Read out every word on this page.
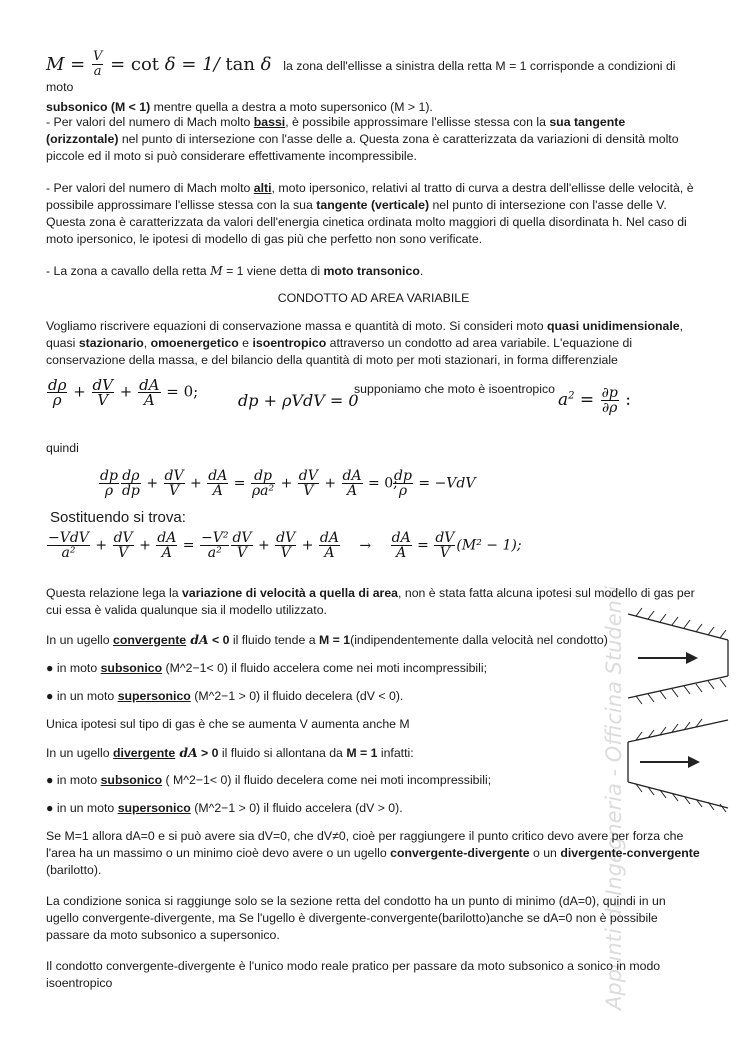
Appunti di Ingegneria - Officina Studenti
$M = \frac{V}{a} = \cot \delta = 1/$ tan δ la zona dell'ellisse a sinistra della retta M = 1 corrisponde a condizioni di moto
subsonico (M < 1) mentre quella a destra a moto supersonico (M > 1).

- Per valori del numero di Mach molto bassi, è possibile approssimare l'ellisse stessa con la sua tangente
(orizzontale) nel punto di intersezione con l'asse delle a. Questa zona è caratterizzata da variazioni di densità molto piccole ed il moto si può considerare effettivamente incompressibile.

- Per valori del numero di Mach molto alti, moto ipersonico, relativi al tratto di curva a destra dell'ellisse delle velocità, è possibile approssimare l'ellisse stessa con la sua tangente (verticale) nel punto di intersezione con l'asse delle V. Questa zona è caratterizzata da valori dell'energia cinetica ordinata molto maggiori di quella disordinata h. Nel caso di moto ipersonico, le ipotesi di modello di gas più che perfetto non sono verificate.

- La zona a cavallo della retta M = 1 viene detta di moto transonico.

CONDOTTO AD AREA VARIABILE

Vogliamo riscrivere equazioni di conservazione massa e quantità di moto. Si consideri moto quasi unidimensionale, quasi stazionario, omoenergetico e isoentropico attraverso un condotto ad area variabile. L'equazione di conservazione della massa, e del bilancio della quantità di moto per moti stazionari, in forma differenziale

$\frac{d\rho}{\rho} + \frac{dV}{V} + \frac{dA}{A} = 0$; dp + ρVdV = 0
supponiamo che moto è isoentropico
$a^2 = \frac{\partial p}{\partial\rho}$ :

quindi

$\frac{dp}{\rho} \frac{d\rho}{dp} + \frac{dV}{V} + \frac{dA}{A} = \frac{dp}{\text{ρa²}} + \frac{dV}{V} + \frac{dA}{A} = 0$;
$\frac{dp}{\rho} = -VdV$
Sostituendo si trova:
$\frac{\text{−VdV}}{\text{a²}} + \frac{dV}{V} + \frac{dA}{A} = \frac{\text{−V²}}{\text{a²}} \frac{dV}{V} + \frac{dV}{V} + \frac{dA}{A} \to \frac{dA}{A} = \frac{dV}{V} (M^2 - 1)$;

Questa relazione lega la variazione di velocità a quella di area, non è stata fatta alcuna ipotesi sul modello di gas per cui essa è valida qualunque sia il modello utilizzato.

In un ugello convergente dA < 0 il fluido tende a M = 1(indipendentemente dalla velocità nel condotto)

● in moto subsonico (M^2−1< 0) il fluido accelera come nei moti incompressibili;

● in un moto supersonico (M^2−1 > 0) il fluido decelera (dV < 0).

Unica ipotesi sul tipo di gas è che se aumenta V aumenta anche M

In un ugello divergente dA > 0 il fluido si allontana da M = 1 infatti:

● in moto subsonico ( M^2−1< 0) il fluido decelera come nei moti incompressibili;

● in un moto supersonico (M^2−1 > 0) il fluido accelera (dV > 0).

Se M=1 allora dA=0 e si può avere sia dV=0, che dV≠0, cioè per raggiungere il punto critico devo avere per forza che l'area ha un massimo o un minimo cioè devo avere o un ugello convergente-divergente o un divergente-convergente (barilotto).

La condizione sonica si raggiunge solo se la sezione retta del condotto ha un punto di minimo (dA=0), quindi in un ugello convergente-divergente, ma Se l'ugello è divergente-convergente(barilotto)anche se dA=0 non è possibile passare da moto subsonico a supersonico.

Il condotto convergente-divergente è l'unico modo reale pratico per passare da moto subsonico a sonico in modo isoentropico
